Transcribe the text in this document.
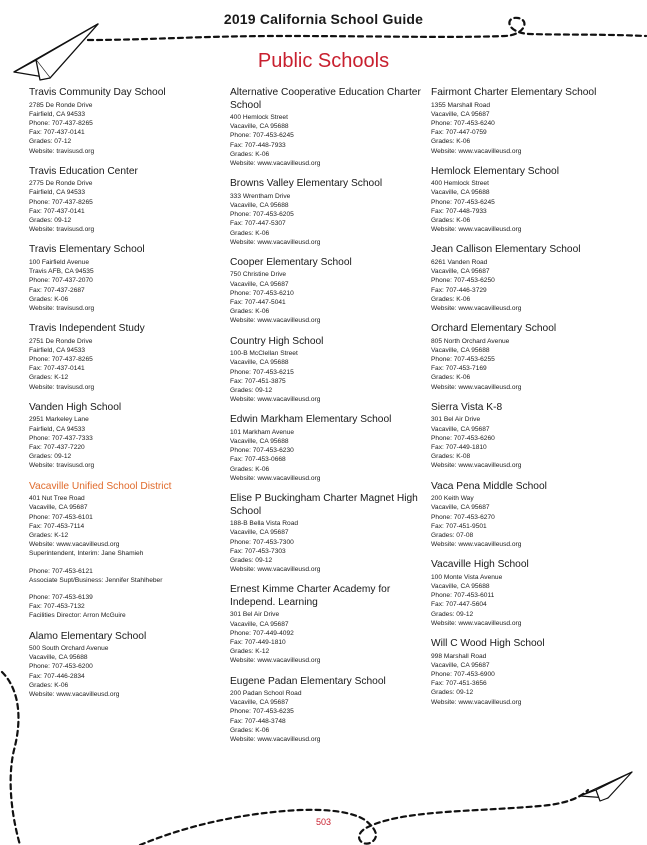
2019 California School Guide
Public Schools
Travis Community Day School
2785 De Ronde Drive
Fairfield, CA 94533
Phone: 707-437-8265
Fax: 707-437-0141
Grades: 07-12
Website: travisusd.org
Travis Education Center
2775 De Ronde Drive
Fairfield, CA 94533
Phone: 707-437-8265
Fax: 707-437-0141
Grades: 09-12
Website: travisusd.org
Travis Elementary School
100 Fairfield Avenue
Travis AFB, CA 94535
Phone: 707-437-2070
Fax: 707-437-2687
Grades: K-06
Website: travisusd.org
Travis Independent Study
2751 De Ronde Drive
Fairfield, CA 94533
Phone: 707-437-8265
Fax: 707-437-0141
Grades: K-12
Website: travisusd.org
Vanden High School
2951 Markeley Lane
Fairfield, CA 94533
Phone: 707-437-7333
Fax: 707-437-7220
Grades: 09-12
Website: travisusd.org
Vacaville Unified School District
401 Nut Tree Road
Vacaville, CA 95687
Phone: 707-453-6101
Fax: 707-453-7114
Grades: K-12
Website: www.vacavilleusd.org
Superintendent, Interim: Jane Shamieh
Phone: 707-453-6121
Associate Supt/Business: Jennifer Stahlheber
Phone: 707-453-6139
Fax: 707-453-7132
Facilities Director: Arron McGuire
Alamo Elementary School
500 South Orchard Avenue
Vacaville, CA 95688
Phone: 707-453-6200
Fax: 707-446-2834
Grades: K-06
Website: www.vacavilleusd.org
Alternative Cooperative Education Charter School
400 Hemlock Street
Vacaville, CA 95688
Phone: 707-453-6245
Fax: 707-448-7933
Grades: K-06
Website: www.vacavilleusd.org
Browns Valley Elementary School
333 Wrentham Drive
Vacaville, CA 95688
Phone: 707-453-6205
Fax: 707-447-5307
Grades: K-06
Website: www.vacavilleusd.org
Cooper Elementary School
750 Christine Drive
Vacaville, CA 95687
Phone: 707-453-6210
Fax: 707-447-5041
Grades: K-06
Website: www.vacavilleusd.org
Country High School
100-B McClellan Street
Vacaville, CA 95688
Phone: 707-453-6215
Fax: 707-451-3875
Grades: 09-12
Website: www.vacavilleusd.org
Edwin Markham Elementary School
101 Markham Avenue
Vacaville, CA 95688
Phone: 707-453-6230
Fax: 707-453-0668
Grades: K-06
Website: www.vacavilleusd.org
Elise P Buckingham Charter Magnet High School
188-B Bella Vista Road
Vacaville, CA 95687
Phone: 707-453-7300
Fax: 707-453-7303
Grades: 09-12
Website: www.vacavilleusd.org
Ernest Kimme Charter Academy for Independ. Learning
301 Bel Air Drive
Vacaville, CA 95687
Phone: 707-449-4092
Fax: 707-449-1810
Grades: K-12
Website: www.vacavilleusd.org
Eugene Padan Elementary School
200 Padan School Road
Vacaville, CA 95687
Phone: 707-453-6235
Fax: 707-448-3748
Grades: K-06
Website: www.vacavilleusd.org
Fairmont Charter Elementary School
1355 Marshall Road
Vacaville, CA 95687
Phone: 707-453-6240
Fax: 707-447-0759
Grades: K-06
Website: www.vacavilleusd.org
Hemlock Elementary School
400 Hemlock Street
Vacaville, CA 95688
Phone: 707-453-6245
Fax: 707-448-7933
Grades: K-06
Website: www.vacavilleusd.org
Jean Callison Elementary School
6261 Vanden Road
Vacaville, CA 95687
Phone: 707-453-6250
Fax: 707-446-3729
Grades: K-06
Website: www.vacavilleusd.org
Orchard Elementary School
805 North Orchard Avenue
Vacaville, CA 95688
Phone: 707-453-6255
Fax: 707-453-7169
Grades: K-06
Website: www.vacavilleusd.org
Sierra Vista K-8
301 Bel Air Drive
Vacaville, CA 95687
Phone: 707-453-6260
Fax: 707-449-1810
Grades: K-08
Website: www.vacavilleusd.org
Vaca Pena Middle School
200 Keith Way
Vacaville, CA 95687
Phone: 707-453-6270
Fax: 707-451-9501
Grades: 07-08
Website: www.vacavilleusd.org
Vacaville High School
100 Monte Vista Avenue
Vacaville, CA 95688
Phone: 707-453-6011
Fax: 707-447-5604
Grades: 09-12
Website: www.vacavilleusd.org
Will C Wood High School
998 Marshall Road
Vacaville, CA 95687
Phone: 707-453-6900
Fax: 707-451-3656
Grades: 09-12
Website: www.vacavilleusd.org
503
